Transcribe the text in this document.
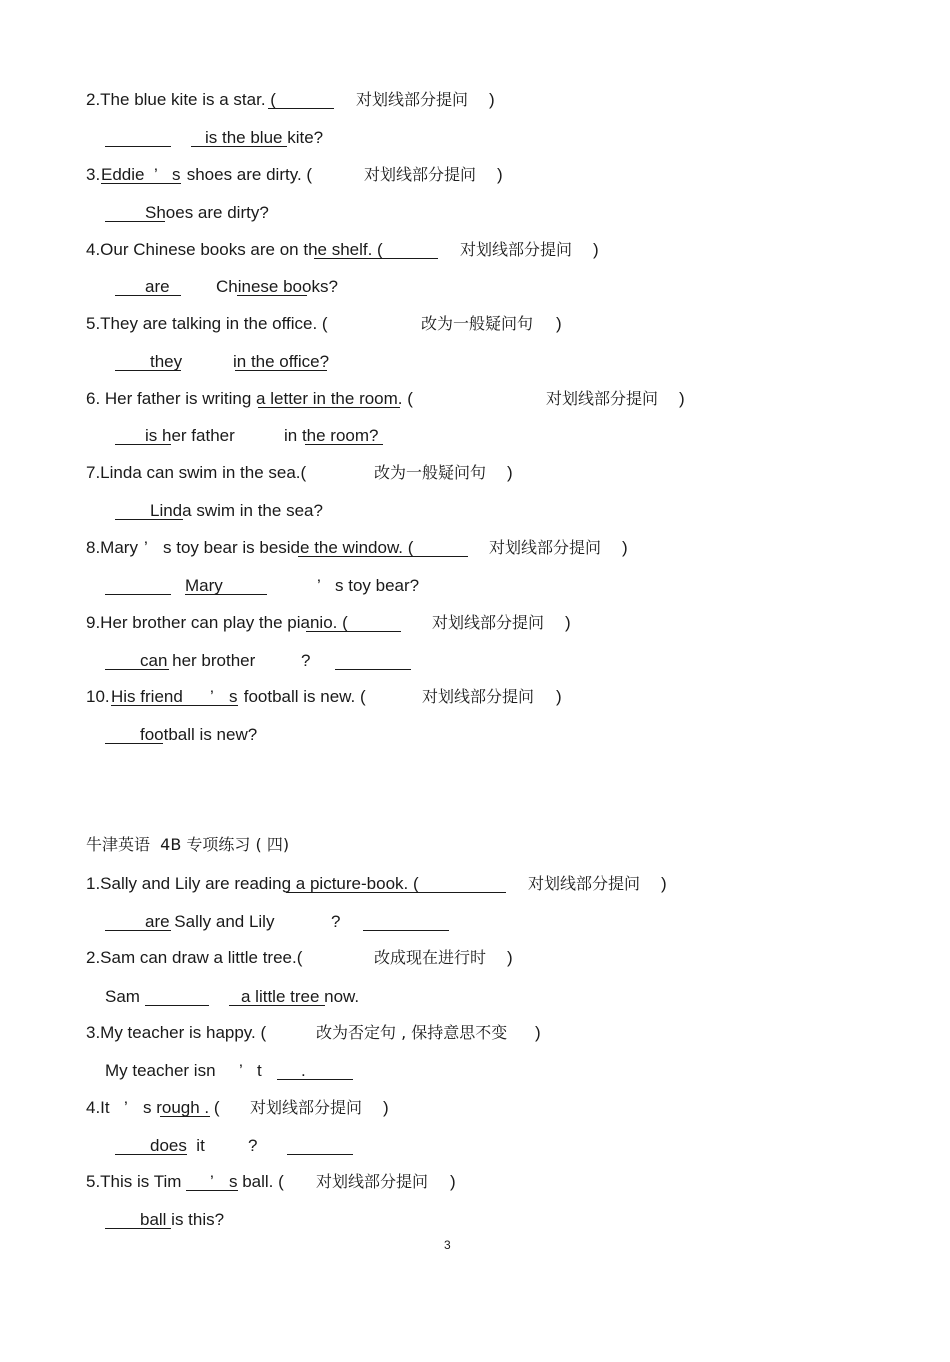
2.The blue kite is a star. (

	对划线部分提问

)

is the blue kite?

3.

Eddie

’

s

shoes are dirty. (

	对划线部分提问

)

Shoes are dirty?

4.Our Chinese books are on the shelf. (

	对划线部分提问

)

are

	Chinese books?

5.They are talking in the office. (

	改为一般疑问句

)

they

	in the office?

6. Her father is writing a letter in the room. (

	对划线部分提问

)

is her father

	in the room?

7.Linda can swim in the sea.(

	改为一般疑问句

)

Linda swim in the sea?

8.Mary

’

s toy bear is beside the window. (

	对划线部分提问

)

Mary

	’

s toy bear?

9.Her brother can play the pianio. (

	对划线部分提问

)

can her brother

	?

10.

His friend

’

s

football is new. (

	对划线部分提问

)

football is new?

牛津英语  4B 专项练习 ( 四)

1.Sally and Lily are reading a picture-book. (

	对划线部分提问

)

are Sally and Lily

	?

2.Sam can draw a little tree.(

	改成现在进行时

)

Sam

	a little tree now.

3.My teacher is happy. (

	改为否定句 , 保持意思不变

)

My teacher isn

’

t

.

4.It

’

s rough . (

对划线部分提问

)

does  it

	?

5.This is Tim

’

s ball. (

对划线部分提问

)

ball is this?

3
